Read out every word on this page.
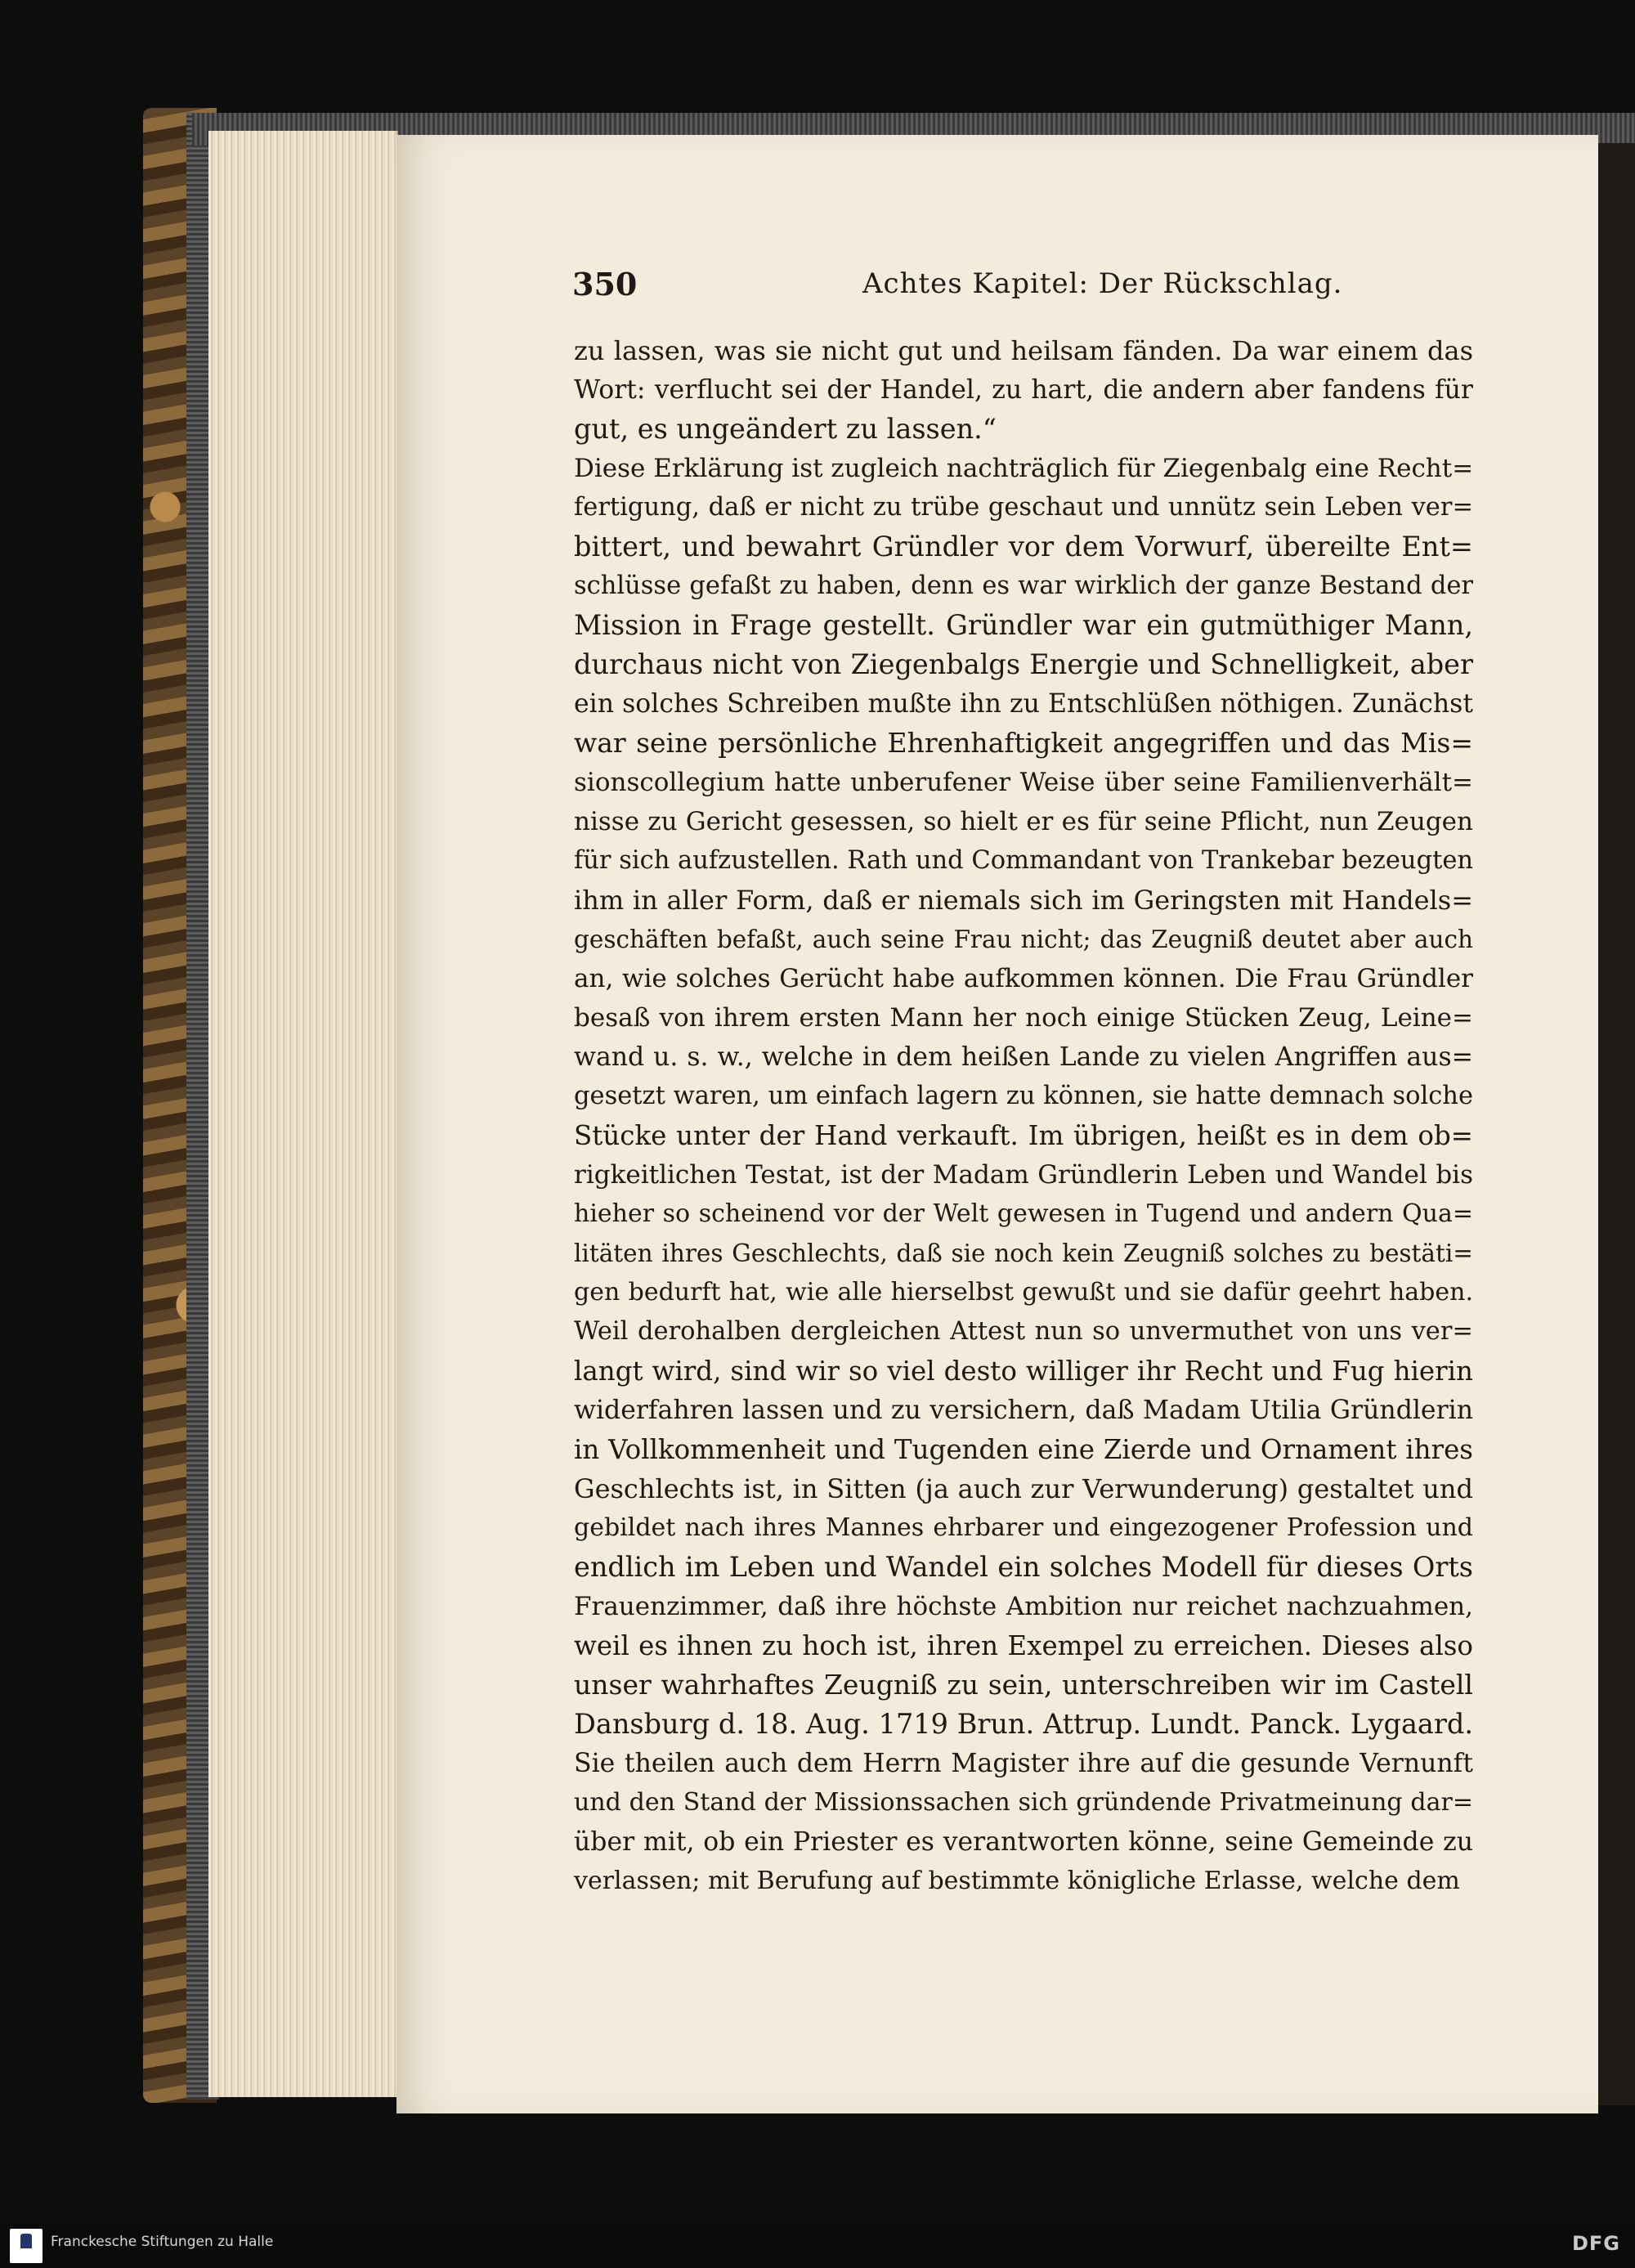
350	Achtes Kapitel: Der Rückschlag.
zu lassen, was sie nicht gut und heilsam fänden. Da war einem das
Wort: verflucht sei der Handel, zu hart, die andern aber fandens für
gut, es ungeändert zu lassen.“
Diese Erklärung ist zugleich nachträglich für Ziegenbalg eine Recht=
fertigung, daß er nicht zu trübe geschaut und unnütz sein Leben ver=
bittert, und bewahrt Gründler vor dem Vorwurf, übereilte Ent=
schlüsse gefaßt zu haben, denn es war wirklich der ganze Bestand der
Mission in Frage gestellt. Gründler war ein gutmüthiger Mann,
durchaus nicht von Ziegenbalgs Energie und Schnelligkeit, aber
ein solches Schreiben mußte ihn zu Entschlüßen nöthigen. Zunächst
war seine persönliche Ehrenhaftigkeit angegriffen und das Mis=
sionscollegium hatte unberufener Weise über seine Familienverhält=
nisse zu Gericht gesessen, so hielt er es für seine Pflicht, nun Zeugen
für sich aufzustellen. Rath und Commandant von Trankebar bezeugten
ihm in aller Form, daß er niemals sich im Geringsten mit Handels=
geschäften befaßt, auch seine Frau nicht; das Zeugniß deutet aber auch
an, wie solches Gerücht habe aufkommen können. Die Frau Gründler
besaß von ihrem ersten Mann her noch einige Stücken Zeug, Leine=
wand u. s. w., welche in dem heißen Lande zu vielen Angriffen aus=
gesetzt waren, um einfach lagern zu können, sie hatte demnach solche
Stücke unter der Hand verkauft. Im übrigen, heißt es in dem ob=
rigkeitlichen Testat, ist der Madam Gründlerin Leben und Wandel bis
hieher so scheinend vor der Welt gewesen in Tugend und andern Qua=
litäten ihres Geschlechts, daß sie noch kein Zeugniß solches zu bestäti=
gen bedurft hat, wie alle hierselbst gewußt und sie dafür geehrt haben.
Weil derohalben dergleichen Attest nun so unvermuthet von uns ver=
langt wird, sind wir so viel desto williger ihr Recht und Fug hierin
widerfahren lassen und zu versichern, daß Madam Utilia Gründlerin
in Vollkommenheit und Tugenden eine Zierde und Ornament ihres
Geschlechts ist, in Sitten (ja auch zur Verwunderung) gestaltet und
gebildet nach ihres Mannes ehrbarer und eingezogener Profession und
endlich im Leben und Wandel ein solches Modell für dieses Orts
Frauenzimmer, daß ihre höchste Ambition nur reichet nachzuahmen,
weil es ihnen zu hoch ist, ihren Exempel zu erreichen. Dieses also
unser wahrhaftes Zeugniß zu sein, unterschreiben wir im Castell
Dansburg d. 18. Aug. 1719 Brun. Attrup. Lundt. Panck. Lygaard.
Sie theilen auch dem Herrn Magister ihre auf die gesunde Vernunft
und den Stand der Missionssachen sich gründende Privatmeinung dar=
über mit, ob ein Priester es verantworten könne, seine Gemeinde zu
verlassen; mit Berufung auf bestimmte königliche Erlasse, welche dem
Franckesche Stiftungen zu Halle	DFG
